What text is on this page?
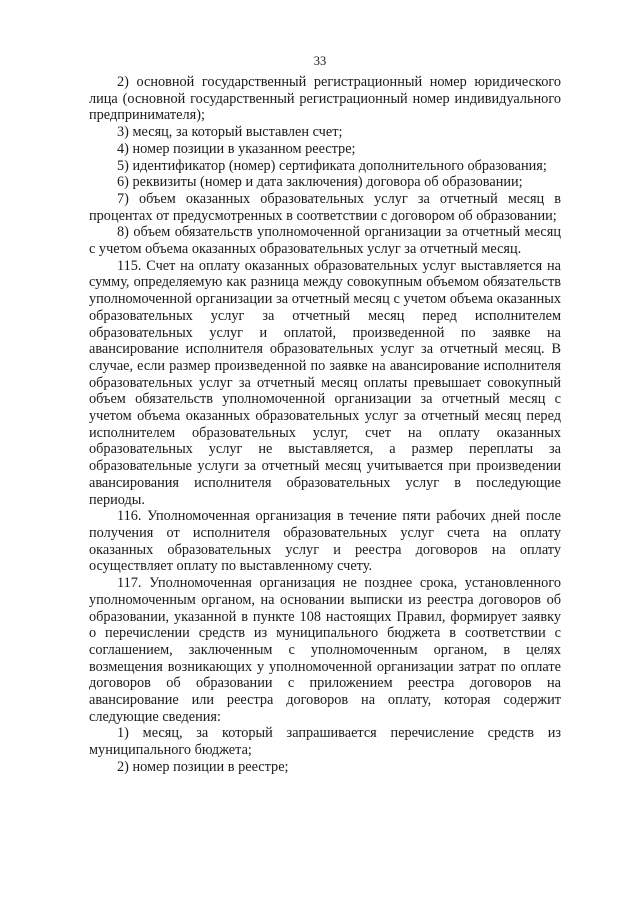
33

2) основной государственный регистрационный номер юридического лица (основной государственный регистрационный номер индивидуального предпринимателя);

3) месяц, за который выставлен счет;

4) номер позиции в указанном реестре;

5) идентификатор (номер) сертификата дополнительного образования;

6) реквизиты (номер и дата заключения) договора об образовании;

7) объем оказанных образовательных услуг за отчетный месяц в процентах от предусмотренных в соответствии с договором об образовании;

8) объем обязательств уполномоченной организации за отчетный месяц с учетом объема оказанных образовательных услуг за отчетный месяц.

115. Счет на оплату оказанных образовательных услуг выставляется на сумму, определяемую как разница между совокупным объемом обязательств уполномоченной организации за отчетный месяц с учетом объема оказанных образовательных услуг за отчетный месяц перед исполнителем образовательных услуг и оплатой, произведенной по заявке на авансирование исполнителя образовательных услуг за отчетный месяц. В случае, если размер произведенной по заявке на авансирование исполнителя образовательных услуг за отчетный месяц оплаты превышает совокупный объем обязательств уполномоченной организации за отчетный месяц с учетом объема оказанных образовательных услуг за отчетный месяц перед исполнителем образовательных услуг, счет на оплату оказанных образовательных услуг не выставляется, а размер переплаты за образовательные услуги за отчетный месяц учитывается при произведении авансирования исполнителя образовательных услуг в последующие периоды.

116. Уполномоченная организация в течение пяти рабочих дней после получения от исполнителя образовательных услуг счета на оплату оказанных образовательных услуг и реестра договоров на оплату осуществляет оплату по выставленному счету.

117. Уполномоченная организация не позднее срока, установленного уполномоченным органом, на основании выписки из реестра договоров об образовании, указанной в пункте 108 настоящих Правил, формирует заявку о перечислении средств из муниципального бюджета в соответствии с соглашением, заключенным с уполномоченным органом, в целях возмещения возникающих у уполномоченной организации затрат по оплате договоров об образовании с приложением реестра договоров на авансирование или реестра договоров на оплату, которая содержит следующие сведения:

1) месяц, за который запрашивается перечисление средств из муниципального бюджета;

2) номер позиции в реестре;
